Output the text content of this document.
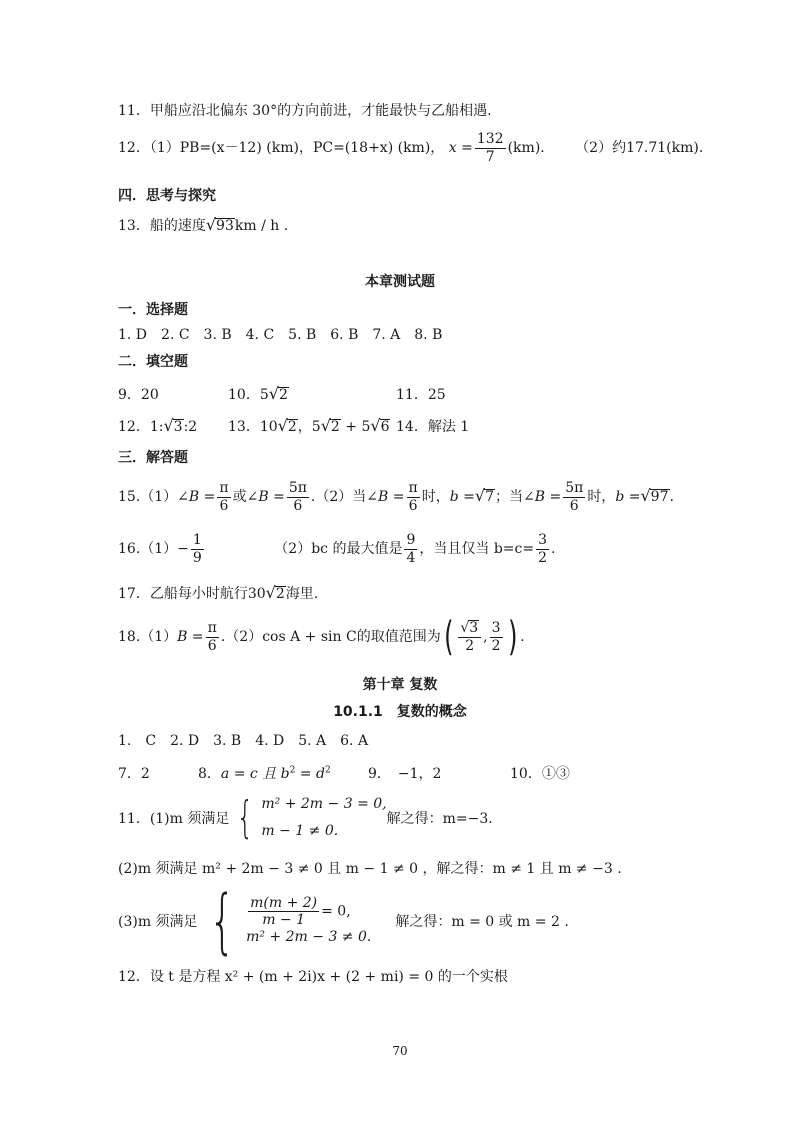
11．甲船应沿北偏东 30°的方向前进，才能最快与乙船相遇.
12．（1）PB=(x－12) (km)，PC=(18+x) (km)， $x = \frac{132}{7} (km)$. （2）约17.71(km).
四．思考与探究
13．船的速度√93km / h .
本章测试题
一．选择题
1. D　2. C　3. B　4. C　5. B　6. B　7. A　8. B
二．填空题
9．20	10．5√2	11．25
12．1:√3:2 13．10√2，5√2 + 5√6 14．解法 1
三．解答题
15.（1）∠B = $\frac{\pi}{6}$ 或∠B = $\frac{5\pi}{6} .(2)$当∠B = $\frac{\pi}{6}$ 时，b =√7；当∠B = $\frac{5\pi}{6}$ 时，b =√97.
$16.(1)- \frac{1}{9}$	（2）bc 的最大值是 $\frac{9}{4}$ ，当且仅当 $b=c= \frac{3}{2}$ .
17．乙船每小时航行30√2海里.
$18.(1)B = \frac{\pi}{6} .(2)\cos$ A + sin C的取值范围为( $\frac{√3}{2}$ , $\frac{3}{2}$ ) .
第十章 复数
10.1.1　复数的概念
1.　C　2. D　3. B　4. D　5. A　6. A
7．2	8．a = c 且 $b^2 = d^2$	9．　−1，2	10．①③
11．(1)m 须满足 { m² + 2m − 3 = 0,
m − 1 ≠ 0.解之得：m=−3.
(2)m 须满足 m² + 2m − 3 ≠ 0 且 m − 1 ≠ 0 ，解之得：m ≠ 1 且 m ≠ −3 .
(3)m 须满足 { $\frac{m(m + 2)}{m - 1} = 0$,
m² + 2m − 3 ≠ 0.解之得：m = 0 或 m = 2 .
12．设 t 是方程 x² + (m + 2i)x + (2 + mi) = 0 的一个实根
70
